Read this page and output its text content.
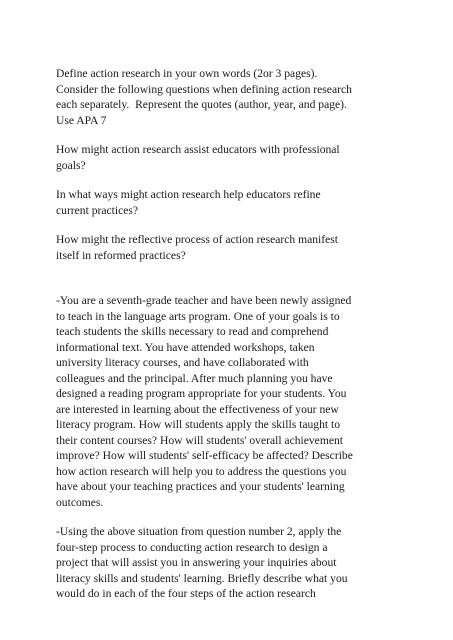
Define action research in your own words (2or 3 pages).
Consider the following questions when defining action research
each separately.  Represent the quotes (author, year, and page).
Use APA 7
How might action research assist educators with professional
goals?
In what ways might action research help educators refine
current practices?
How might the reflective process of action research manifest
itself in reformed practices?
-You are a seventh-grade teacher and have been newly assigned
to teach in the language arts program. One of your goals is to
teach students the skills necessary to read and comprehend
informational text. You have attended workshops, taken
university literacy courses, and have collaborated with
colleagues and the principal. After much planning you have
designed a reading program appropriate for your students. You
are interested in learning about the effectiveness of your new
literacy program. How will students apply the skills taught to
their content courses? How will students' overall achievement
improve? How will students' self-efficacy be affected? Describe
how action research will help you to address the questions you
have about your teaching practices and your students' learning
outcomes.
-Using the above situation from question number 2, apply the
four-step process to conducting action research to design a
project that will assist you in answering your inquiries about
literacy skills and students' learning. Briefly describe what you
would do in each of the four steps of the action research
